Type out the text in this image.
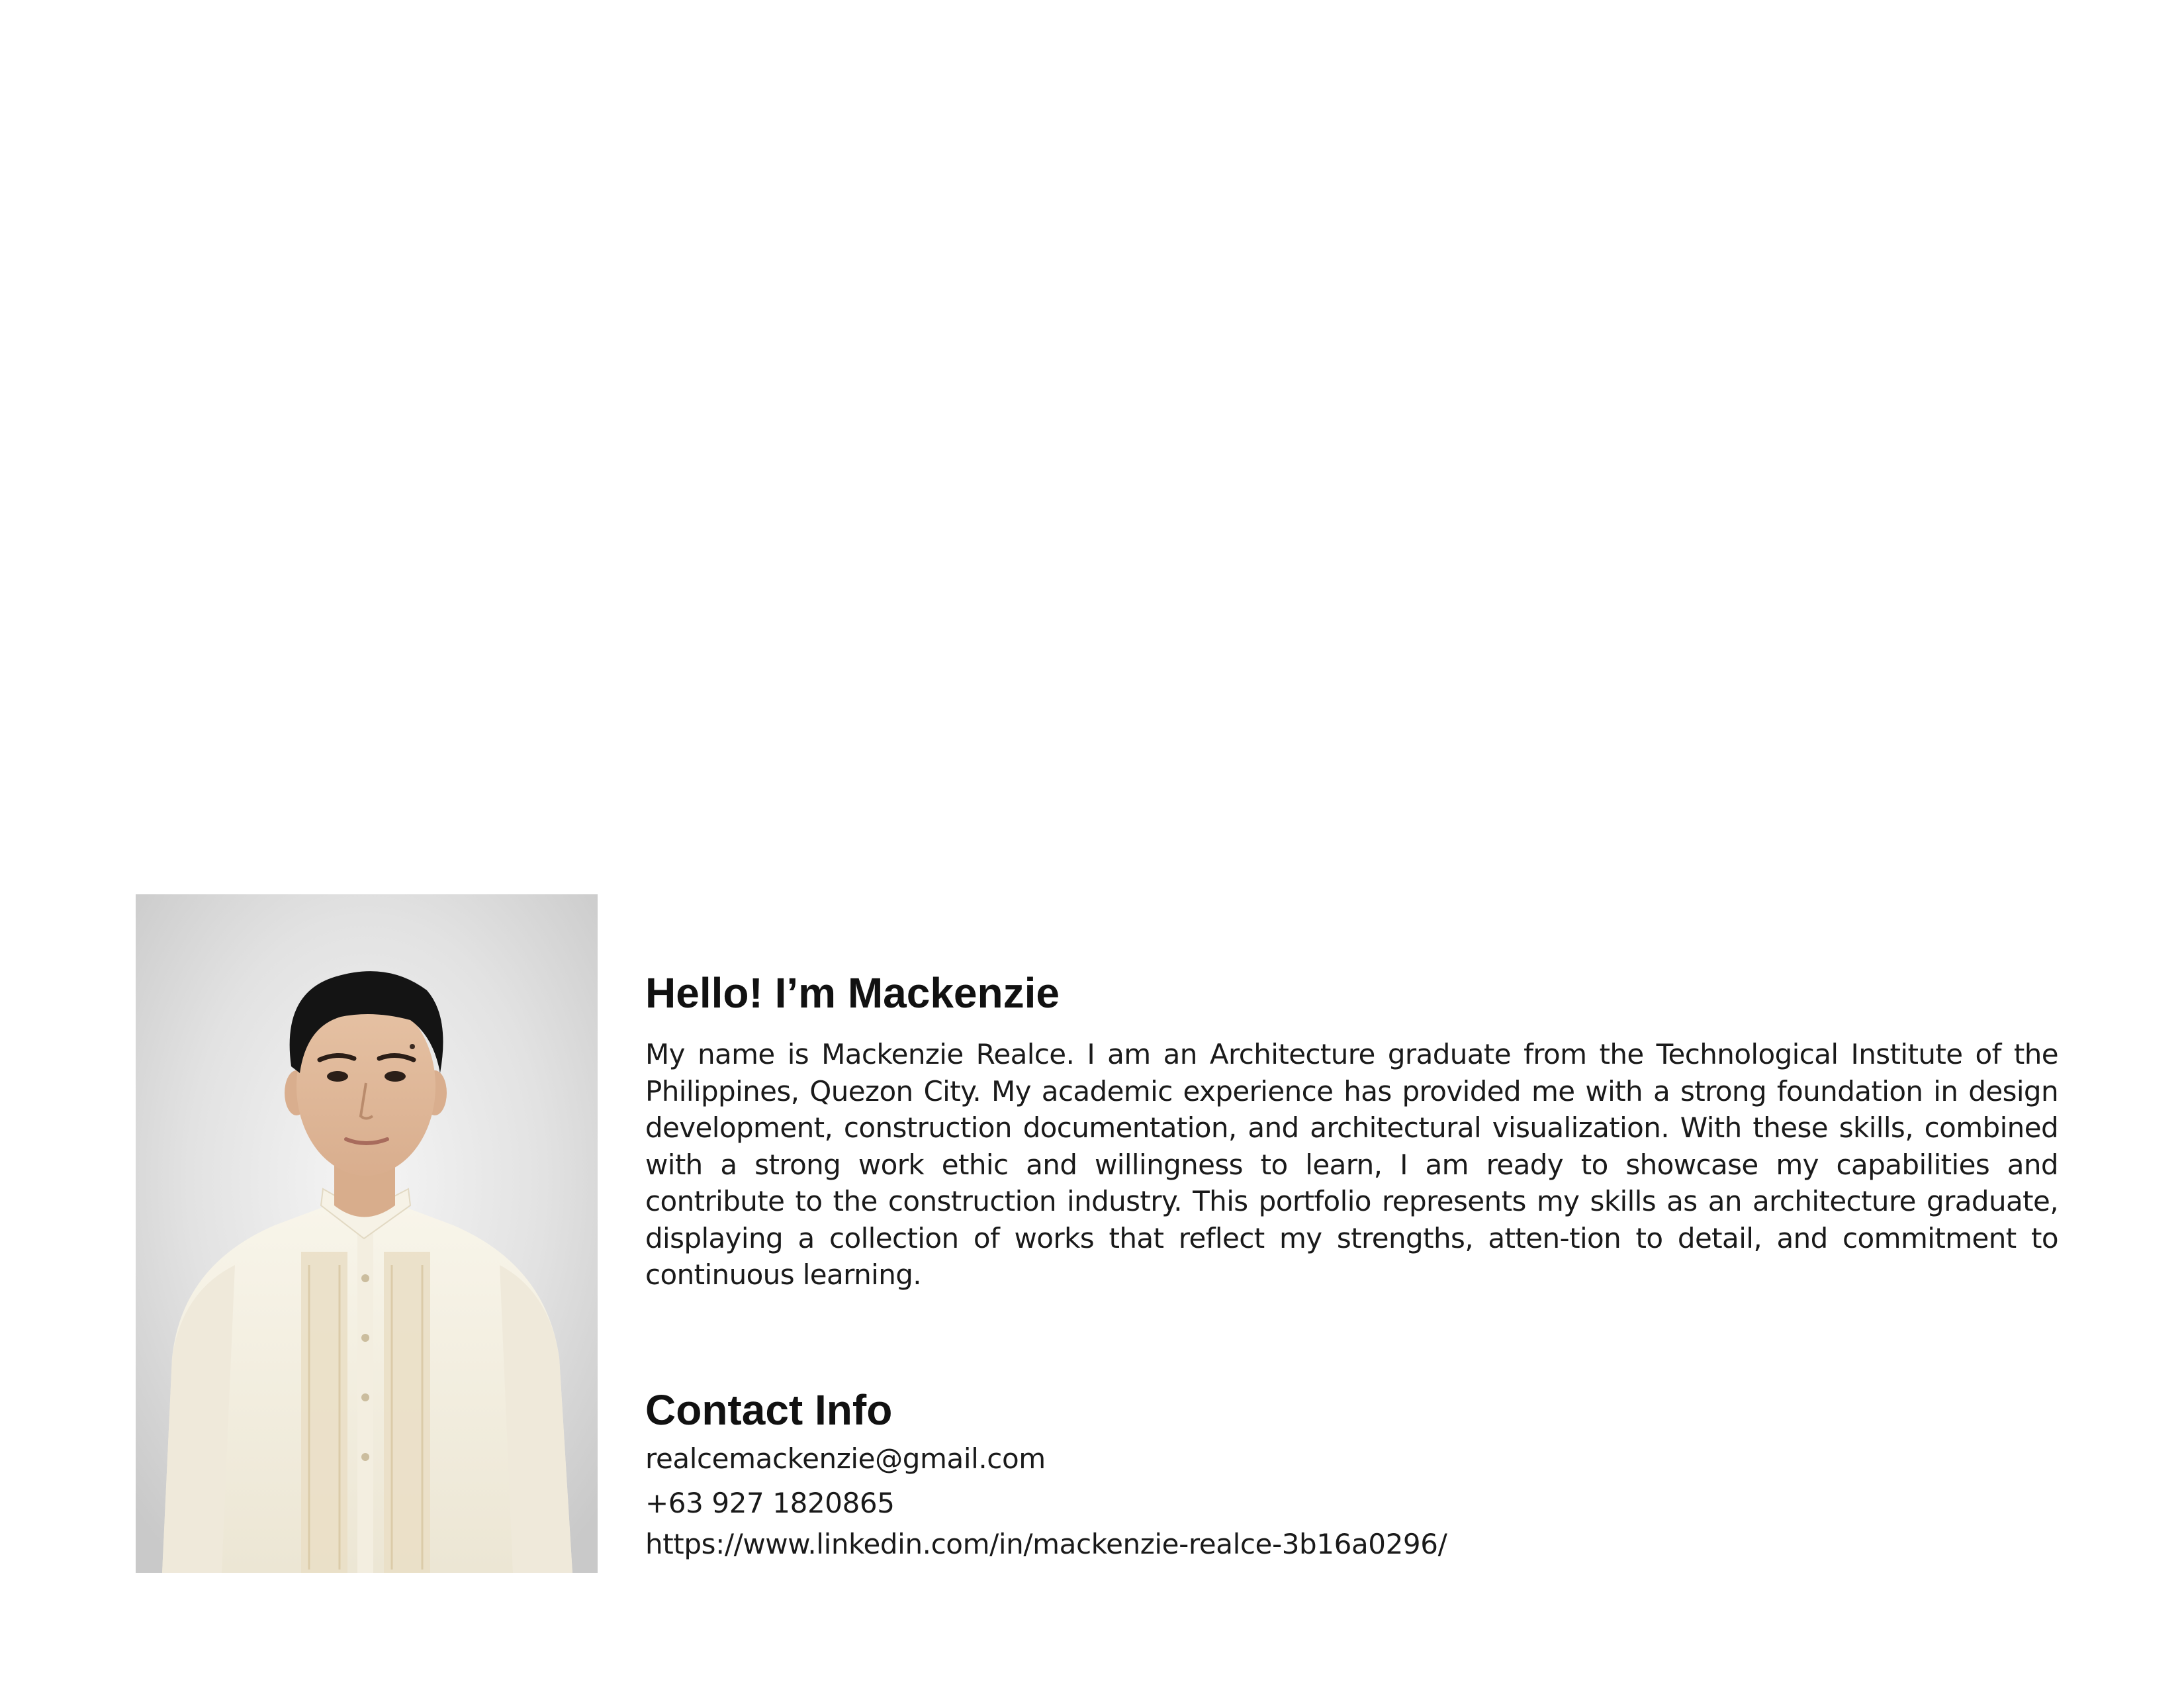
Hello! I’m Mackenzie

My name is Mackenzie Realce. I am an Architecture graduate from the Technological Institute of the Philippines, Quezon City. My academic experience has provided me with a strong foundation in design development, construction documentation, and architectural visualization. With these skills, combined with a strong work ethic and willingness to learn, I am ready to showcase my capabilities and contribute to the construction industry. This portfolio represents my skills as an architecture graduate, displaying a collection of works that reflect my strengths, atten-tion to detail, and commitment to continuous learning.

Contact Info

realcemackenzie@gmail.com

+63 927 1820865

https://www.linkedin.com/in/mackenzie-realce-3b16a0296/
